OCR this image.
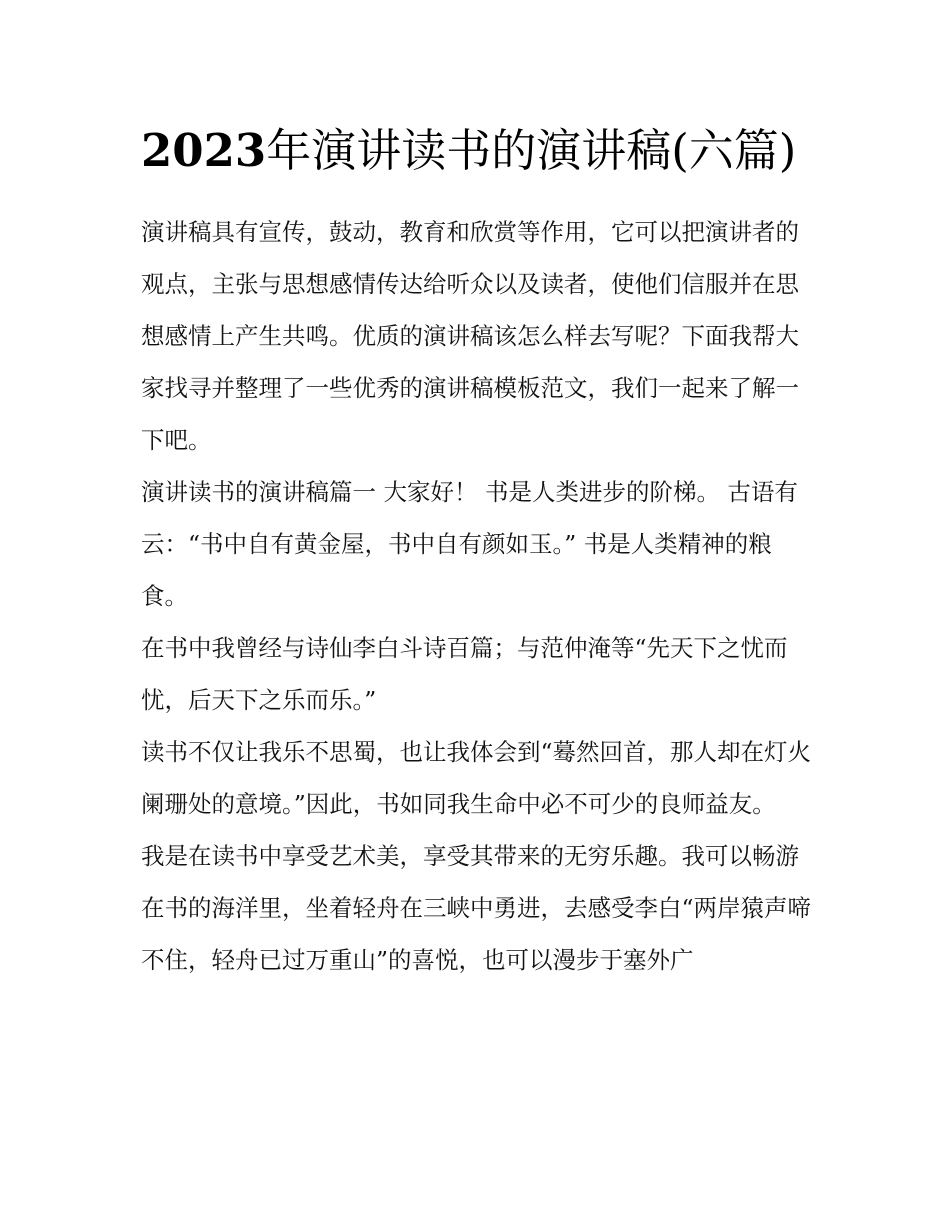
2023年演讲读书的演讲稿(六篇)

演讲稿具有宣传，鼓动，教育和欣赏等作用，它可以把演讲者的观点，主张与思想感情传达给听众以及读者，使他们信服并在思想感情上产生共鸣。优质的演讲稿该怎么样去写呢？下面我帮大家找寻并整理了一些优秀的演讲稿模板范文，我们一起来了解一下吧。

演讲读书的演讲稿篇一 大家好！ 书是人类进步的阶梯。 古语有云：“书中自有黄金屋，书中自有颜如玉。” 书是人类精神的粮食。

在书中我曾经与诗仙李白斗诗百篇；与范仲淹等“先天下之忧而忧，后天下之乐而乐。”

读书不仅让我乐不思蜀，也让我体会到“蓦然回首，那人却在灯火阑珊处的意境。”因此，书如同我生命中必不可少的良师益友。

我是在读书中享受艺术美，享受其带来的无穷乐趣。我可以畅游在书的海洋里，坐着轻舟在三峡中勇进，去感受李白“两岸猿声啼不住，轻舟已过万重山”的喜悦，也可以漫步于塞外广
